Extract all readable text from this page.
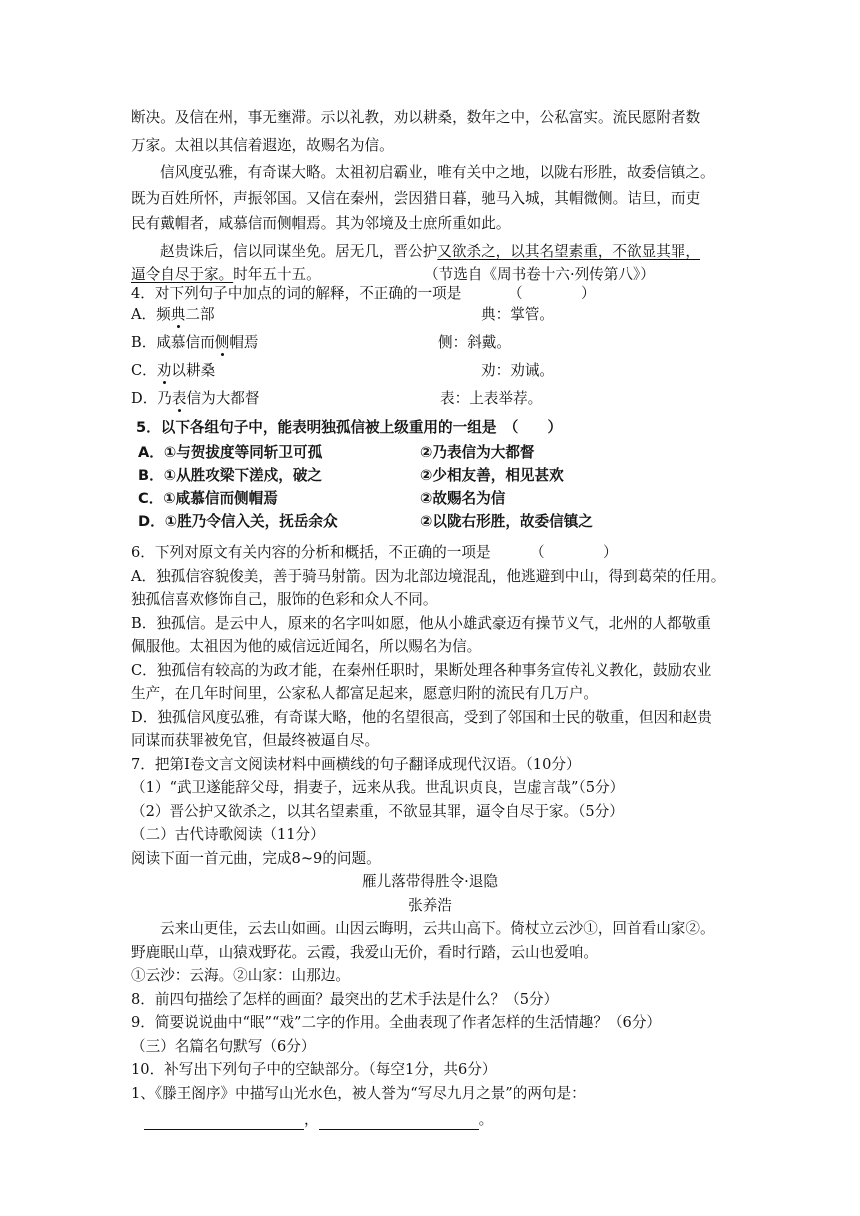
断决。及信在州，事无壅滞。示以礼教，劝以耕桑，数年之中，公私富实。流民愿附者数
万家。太祖以其信着遐迩，故赐名为信。
信风度弘雅，有奇谋大略。太祖初启霸业，唯有关中之地，以陇右形胜，故委信镇之。
既为百姓所怀，声振邻国。又信在秦州，尝因猎日暮，驰马入城，其帽微侧。诘旦，而吏
民有戴帽者，咸慕信而侧帽焉。其为邻境及士庶所重如此。
赵贵诛后，信以同谋坐免。居无几，晋公护又欲杀之，以其名望素重，不欲显其罪，
逼令自尽于家。时年五十五。	（节选自《周书卷十六·列传第八》）
4．对下列句子中加点的词的解释，不正确的一项是	（　　　　）
A．频典二部	典：掌管。
B．咸慕信而侧帽焉	侧：斜戴。
C．劝以耕桑	劝：劝诫。
D．乃表信为大都督	表：上表举荐。
5．以下各组句子中，能表明独孤信被上级重用的一组是　（　　）
A．①与贺拔度等同斩卫可孤	②乃表信为大都督
B．①从胜攻梁下溠戍，破之	②少相友善，相见甚欢
C．①咸慕信而侧帽焉	②故赐名为信
D．①胜乃令信入关，抚岳余众	②以陇右形胜，故委信镇之
6．下列对原文有关内容的分析和概括，不正确的一项是	（　　　　）
A．独孤信容貌俊美，善于骑马射箭。因为北部边境混乱，他逃避到中山，得到葛荣的任用。
独孤信喜欢修饰自己，服饰的色彩和众人不同。
B．独孤信。是云中人，原来的名字叫如愿，他从小雄武豪迈有操节义气，北州的人都敬重
佩服他。太祖因为他的威信远近闻名，所以赐名为信。
C．独孤信有较高的为政才能，在秦州任职时，果断处理各种事务宣传礼义教化，鼓励农业
生产，在几年时间里，公家私人都富足起来，愿意归附的流民有几万户。
D．独孤信风度弘雅，有奇谋大略，他的名望很高，受到了邻国和士民的敬重，但因和赵贵
同谋而获罪被免官，但最终被逼自尽。
7．把第Ⅰ卷文言文阅读材料中画横线的句子翻译成现代汉语。（10分）
（1）“武卫遂能辞父母，捐妻子，远来从我。世乱识贞良，岂虚言哉”（5分）
（2）晋公护又欲杀之，以其名望素重，不欲显其罪，逼令自尽于家。（5分）
（二）古代诗歌阅读（11分）
阅读下面一首元曲，完成8~9的问题。
雁儿落带得胜令·退隐
张养浩
云来山更佳，云去山如画。山因云晦明，云共山高下。倚杖立云沙①，回首看山家②。
野鹿眠山草，山猿戏野花。云霞，我爱山无价，看时行踏，云山也爱咱。
①云沙：云海。②山家：山那边。
8．前四句描绘了怎样的画面？最突出的艺术手法是什么？（5分）
9．简要说说曲中“眠”“戏”二字的作用。全曲表现了作者怎样的生活情趣？（6分）
（三）名篇名句默写（6分）
10．补写出下列句子中的空缺部分。（每空1分，共6分）
1、《滕王阁序》中描写山光水色，被人誉为“写尽九月之景”的两句是：
，	。
